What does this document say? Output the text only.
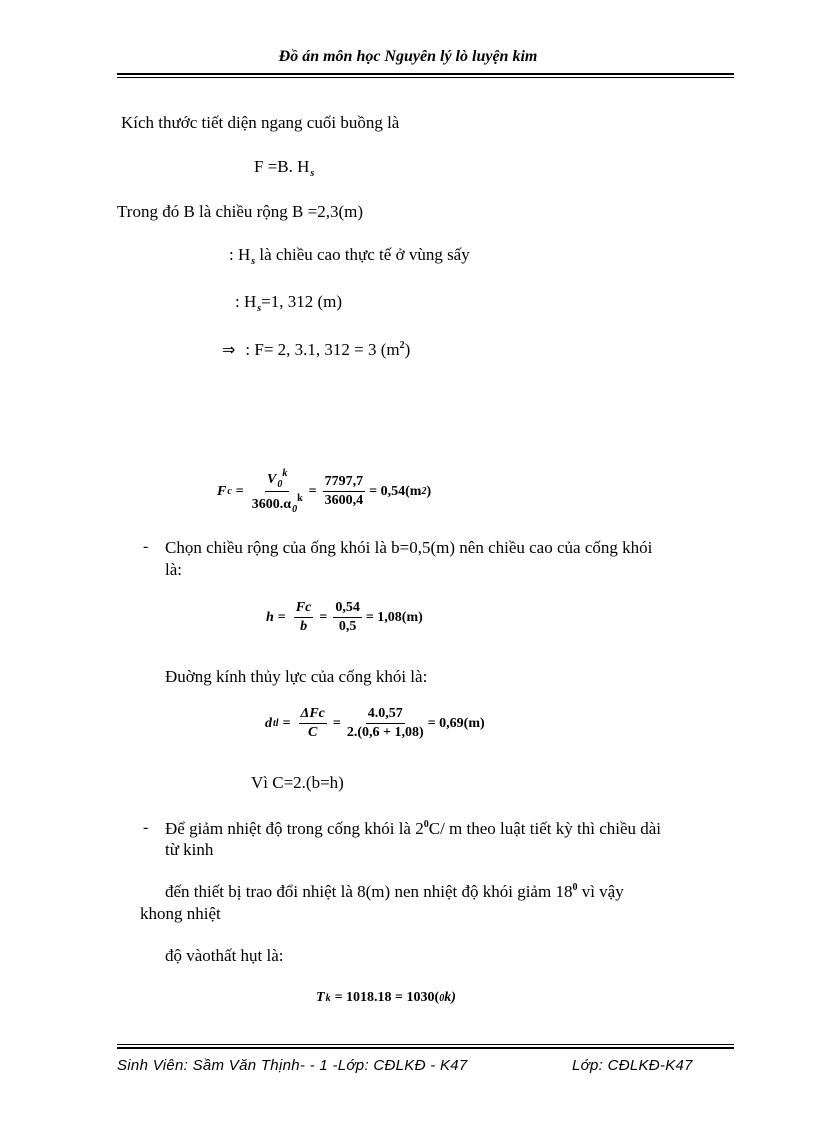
Đồ án môn học Nguyên lý lò luyện kim
Kích thước tiết diện ngang cuối buồng là
F =B. $H_s$
Trong đó B là chiều rộng B =2,3(m)
: $H_s$ là chiều cao thực tế ở vùng sấy
: $H_s=1$, 312 (m)
⇒ : F= 2, 3.1, 312 = 3 $(m^2)$
F $c = \frac{V_0^k}{3600.\alpha_0^k} = \frac{7797,7}{3600,4} = 0,54(m$ 2 )
- Chọn chiều rộng của ống khói là b=0,5(m) nên chiều cao của cống khói
là:
$h = \frac{Fc}{b} = \frac{0,54}{0,5} = 1,08(m)$
Đuờng kính thủy lực của cống khói là:
d tl = $\frac{\text{ΔFc}}{C} = \frac{4.0,57}{2.(0,6 + 1,08)} = 0,69(m)$
Vì C=2.(b=h)
- Để giảm nhiệt độ trong cống khói là $2^0C/$ m theo luật tiết kỳ thì chiều dài
từ kinh
đến thiết bị trao đổi nhiệt là 8(m) nen nhiệt độ khói giảm $18^0$ vì vậy
khong nhiệt
độ vàothất hụt là:
T k = 1018.18 = 1030( 0 k)
Sinh Viên: Sầm Văn Thịnh- - 1 -Lớp: CĐLKĐ - K47	Lớp: CĐLKĐ-K47
